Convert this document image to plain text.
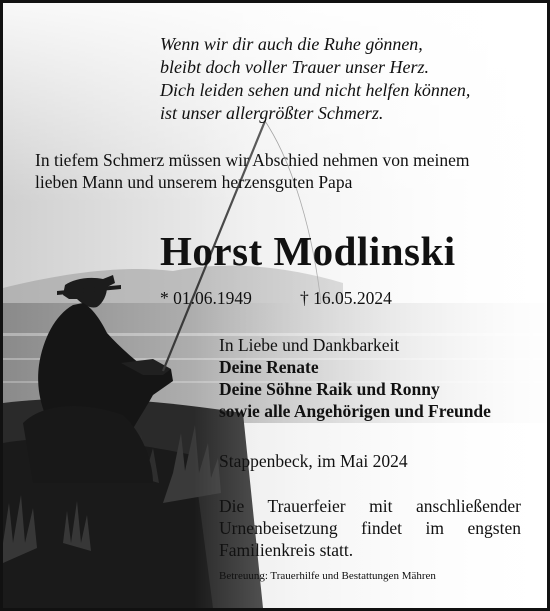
Wenn wir dir auch die Ruhe gönnen,
bleibt doch voller Trauer unser Herz.
Dich leiden sehen und nicht helfen können,
ist unser allergrößter Schmerz.
In tiefem Schmerz müssen wir Abschied nehmen von meinem
lieben Mann und unserem herzensguten Papa
Horst Modlinski
* 01.06.1949	† 16.05.2024
In Liebe und Dankbarkeit
Deine Renate
Deine Söhne Raik und Ronny
sowie alle Angehörigen und Freunde
Stappenbeck, im Mai 2024
Die Trauerfeier mit anschließender
Urnenbeisetzung findet im engsten
Familienkreis statt.
Betreuung: Trauerhilfe und Bestattungen Mähren
